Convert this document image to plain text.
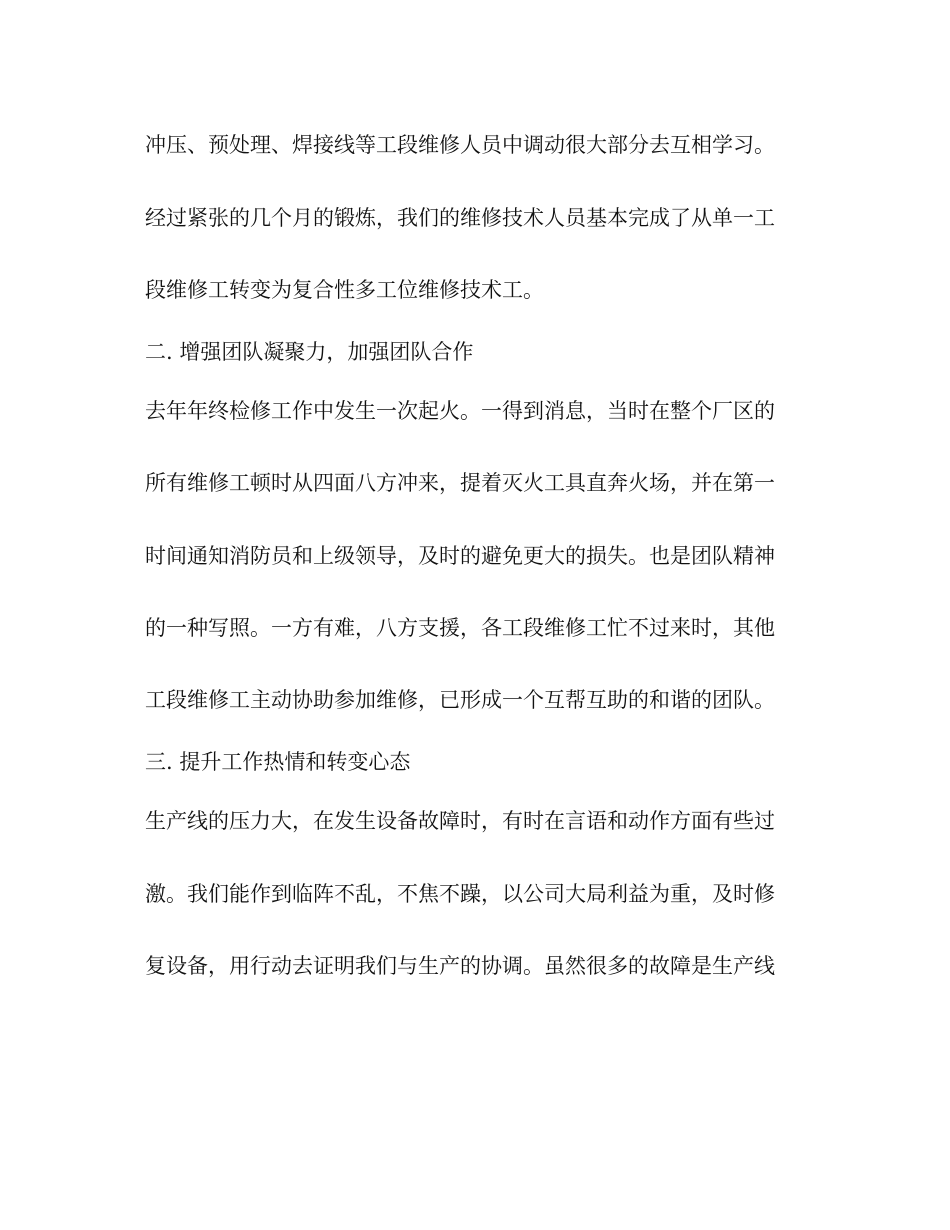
冲压、预处理、焊接线等工段维修人员中调动很大部分去互相学习。
经过紧张的几个月的锻炼，我们的维修技术人员基本完成了从单一工
段维修工转变为复合性多工位维修技术工。
二. 增强团队凝聚力，加强团队合作
去年年终检修工作中发生一次起火。一得到消息，当时在整个厂区的
所有维修工顿时从四面八方冲来，提着灭火工具直奔火场，并在第一
时间通知消防员和上级领导，及时的避免更大的损失。也是团队精神
的一种写照。一方有难，八方支援，各工段维修工忙不过来时，其他
工段维修工主动协助参加维修，已形成一个互帮互助的和谐的团队。
三. 提升工作热情和转变心态
生产线的压力大，在发生设备故障时，有时在言语和动作方面有些过
激。我们能作到临阵不乱，不焦不躁，以公司大局利益为重，及时修
复设备，用行动去证明我们与生产的协调。虽然很多的故障是生产线
